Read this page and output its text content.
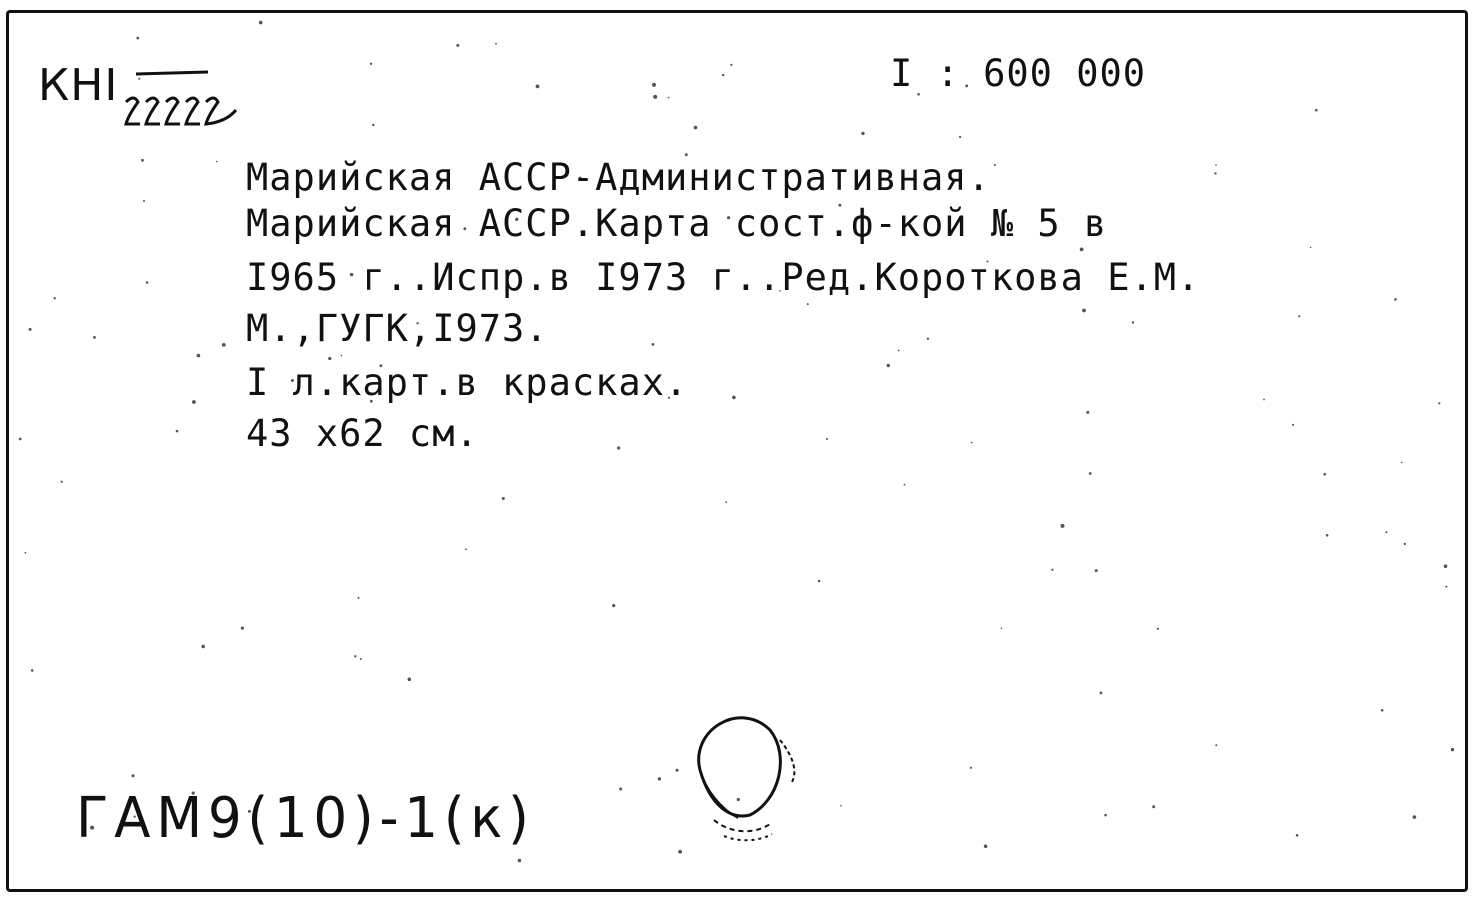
КНI	I : 600 000
Марийская АССР-Административная.
Марийская АССР.Карта сост.ф-кой № 5 в
I965 г..Испр.в I973 г..Ред.Короткова Е.М.
М.,ГУГК,I973.
I л.карт.в красках.
43 х62 см.
ГАМ9(10)-1(к)
